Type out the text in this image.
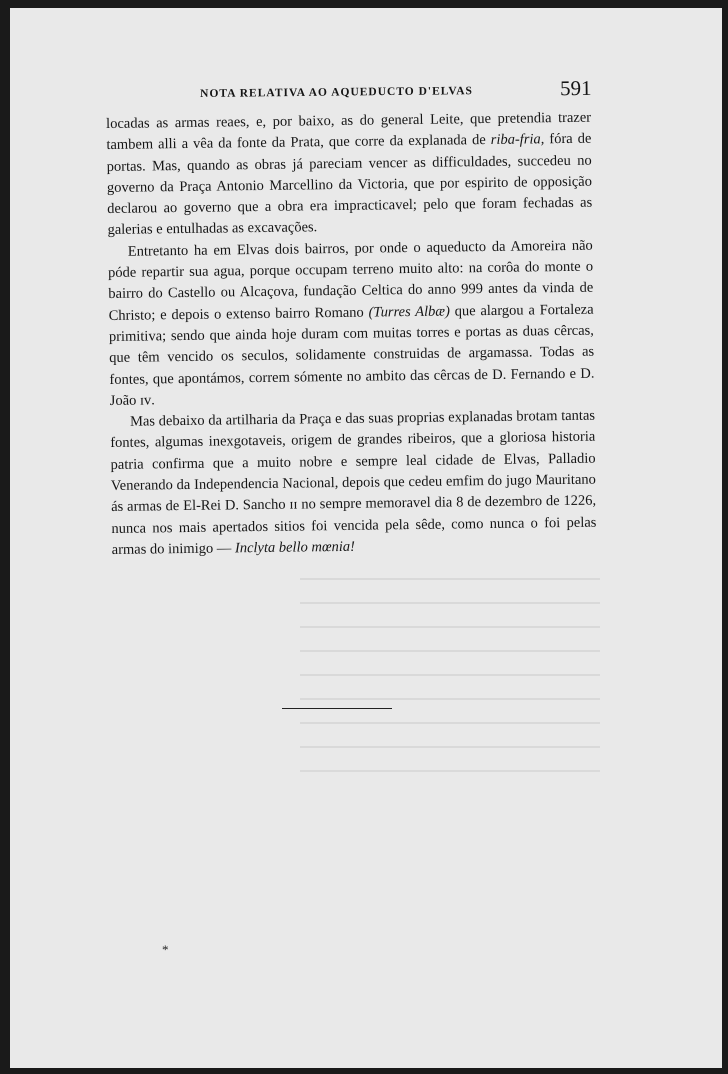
NOTA RELATIVA AO AQUEDUCTO D'ELVAS	591

locadas as armas reaes, e, por baixo, as do general Leite, que pretendia trazer tambem alli a vêa da fonte da Prata, que corre da explanada de riba-fria, fóra de portas. Mas, quando as obras já pareciam vencer as difficuldades, succedeu no governo da Praça Antonio Marcellino da Victoria, que por espirito de opposição declarou ao governo que a obra era impracticavel; pelo que foram fechadas as galerias e entulhadas as excavações.

Entretanto ha em Elvas dois bairros, por onde o aqueducto da Amoreira não póde repartir sua agua, porque occupam terreno muito alto: na corôa do monte o bairro do Castello ou Alcaçova, fundação Celtica do anno 999 antes da vinda de Christo; e depois o extenso bairro Romano (Turres Albæ) que alargou a Fortaleza primitiva; sendo que ainda hoje duram com muitas torres e portas as duas cêrcas, que têm vencido os seculos, solidamente construidas de argamassa. Todas as fontes, que apontámos, correm sómente no ambito das cêrcas de D. Fernando e D. João ɪᴠ.

Mas debaixo da artilharia da Praça e das suas proprias explanadas brotam tantas fontes, algumas inexgotaveis, origem de grandes ribeiros, que a gloriosa historia patria confirma que a muito nobre e sempre leal cidade de Elvas, Palladio Venerando da Independencia Nacional, depois que cedeu emfim do jugo Mauritano ás armas de El-Rei D. Sancho ɪɪ no sempre memoravel dia 8 de dezembro de 1226, nunca nos mais apertados sitios foi vencida pela sêde, como nunca o foi pelas armas do inimigo — Inclyta bello mœnia!

*
